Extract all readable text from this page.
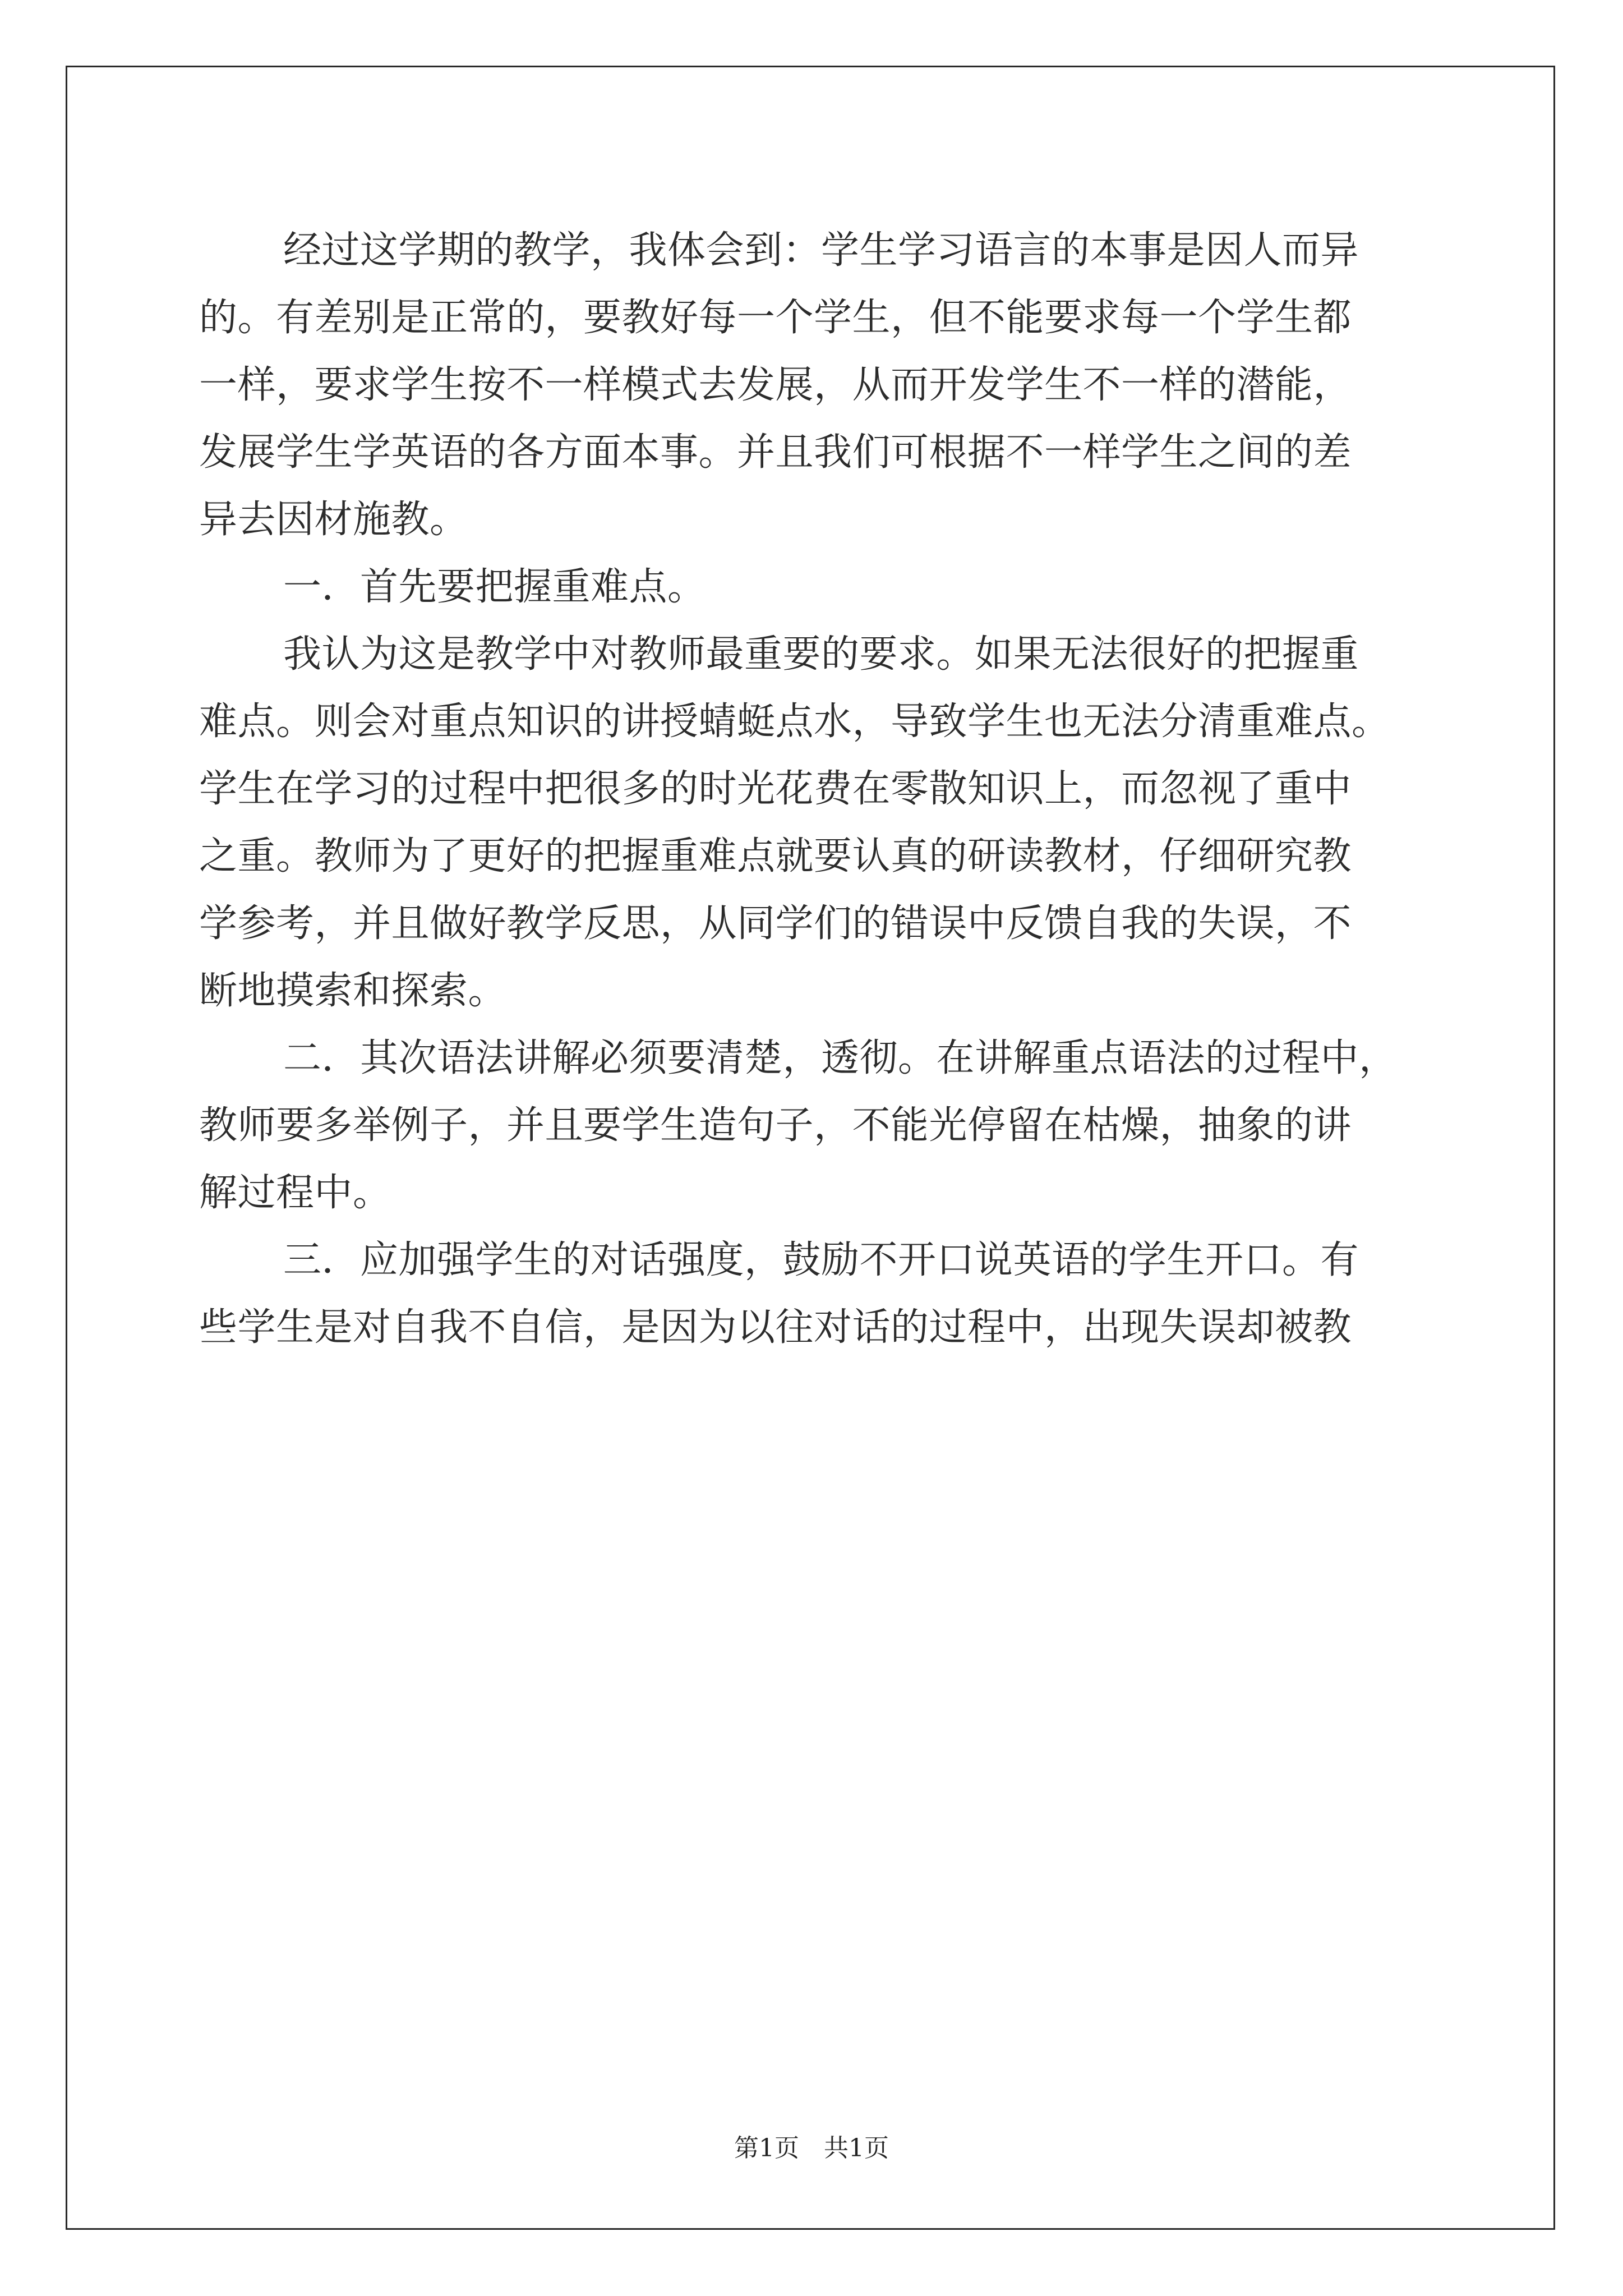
经过这学期的教学，我体会到：学生学习语言的本事是因人而异

的。有差别是正常的，要教好每一个学生，但不能要求每一个学生都

一样，要求学生按不一样模式去发展，从而开发学生不一样的潜能，

发展学生学英语的各方面本事。并且我们可根据不一样学生之间的差

异去因材施教。

一．首先要把握重难点。

我认为这是教学中对教师最重要的要求。如果无法很好的把握重

难点。则会对重点知识的讲授蜻蜓点水，导致学生也无法分清重难点。

学生在学习的过程中把很多的时光花费在零散知识上，而忽视了重中

之重。教师为了更好的把握重难点就要认真的研读教材，仔细研究教

学参考，并且做好教学反思，从同学们的错误中反馈自我的失误，不

断地摸索和探索。

二．其次语法讲解必须要清楚，透彻。在讲解重点语法的过程中，

教师要多举例子，并且要学生造句子，不能光停留在枯燥，抽象的讲

解过程中。

三．应加强学生的对话强度，鼓励不开口说英语的学生开口。有

些学生是对自我不自信，是因为以往对话的过程中，出现失误却被教

第1页　共1页
